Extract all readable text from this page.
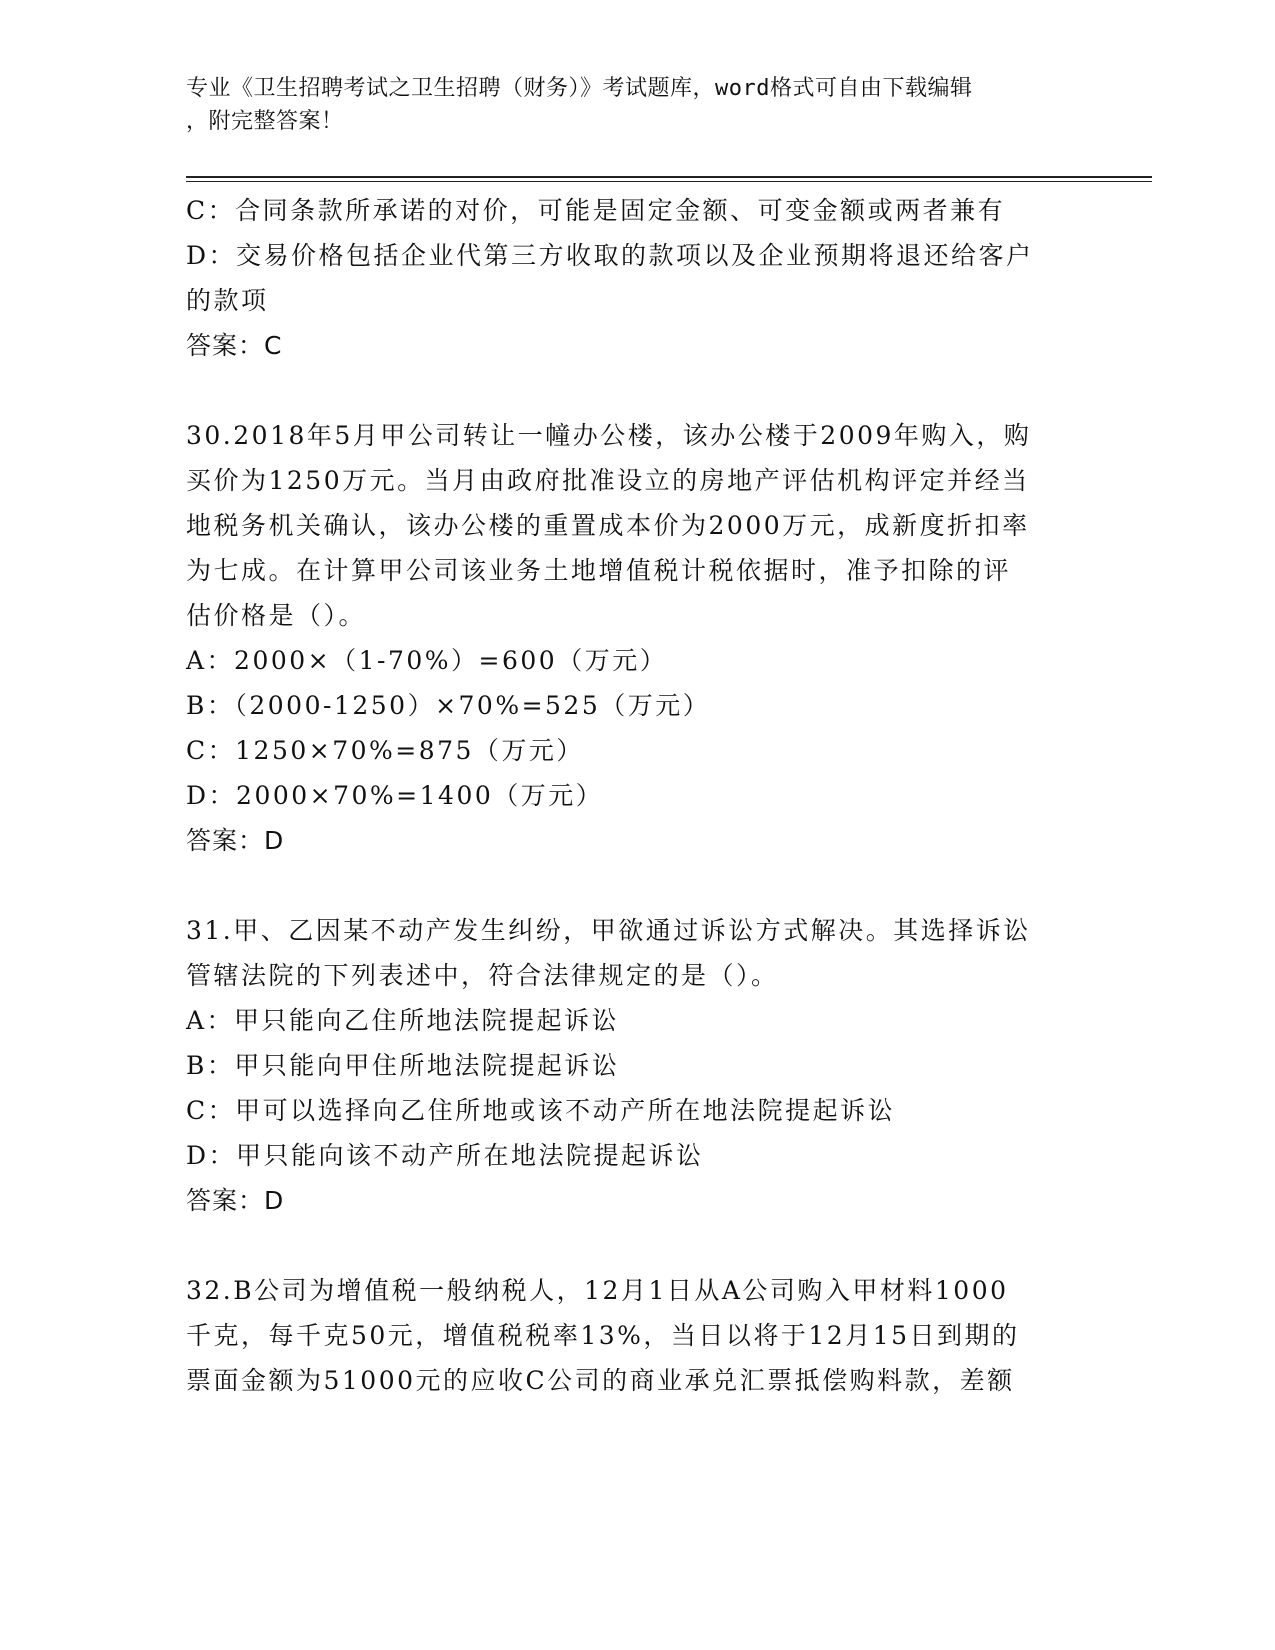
专业《卫生招聘考试之卫生招聘（财务）》考试题库，word格式可自由下载编辑
，附完整答案！
C：合同条款所承诺的对价，可能是固定金额、可变金额或两者兼有
D：交易价格包括企业代第三方收取的款项以及企业预期将退还给客户
的款项
答案：C
30.2018年5月甲公司转让一幢办公楼，该办公楼于2009年购入，购
买价为1250万元。当月由政府批准设立的房地产评估机构评定并经当
地税务机关确认，该办公楼的重置成本价为2000万元，成新度折扣率
为七成。在计算甲公司该业务土地增值税计税依据时，准予扣除的评
估价格是（）。
A：2000×（1-70%）=600（万元）
B：（2000-1250）×70%=525（万元）
C：1250×70%=875（万元）
D：2000×70%=1400（万元）
答案：D
31.甲、乙因某不动产发生纠纷，甲欲通过诉讼方式解决。其选择诉讼
管辖法院的下列表述中，符合法律规定的是（）。
A：甲只能向乙住所地法院提起诉讼
B：甲只能向甲住所地法院提起诉讼
C：甲可以选择向乙住所地或该不动产所在地法院提起诉讼
D：甲只能向该不动产所在地法院提起诉讼
答案：D
32.B公司为增值税一般纳税人，12月1日从A公司购入甲材料1000
千克，每千克50元，增值税税率13%，当日以将于12月15日到期的
票面金额为51000元的应收C公司的商业承兑汇票抵偿购料款，差额
